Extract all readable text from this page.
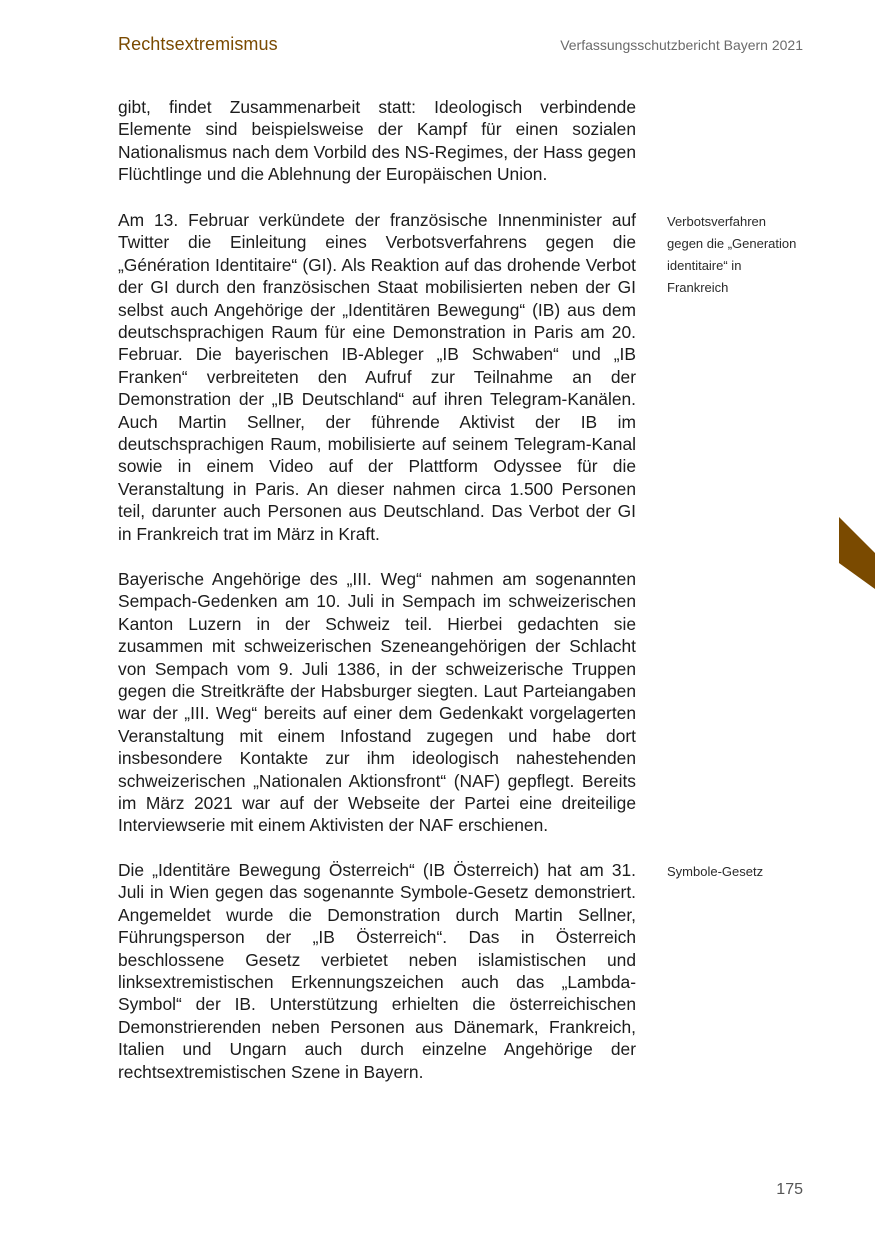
Rechtsextremismus	Verfassungsschutzbericht Bayern 2021

gibt, findet Zusammenarbeit statt: Ideologisch verbindende Elemente sind beispielsweise der Kampf für einen sozialen Nationalismus nach dem Vorbild des NS-Regimes, der Hass gegen Flüchtlinge und die Ablehnung der Europäischen Union.

Am 13. Februar verkündete der französische Innenminister auf Twitter die Einleitung eines Verbotsverfahrens gegen die „Génération Identitaire“ (GI). Als Reaktion auf das drohende Verbot der GI durch den französischen Staat mobilisierten neben der GI selbst auch Angehörige der „Identitären Bewegung“ (IB) aus dem deutschsprachigen Raum für eine Demonstration in Paris am 20. Februar. Die bayerischen IB-Ableger „IB Schwaben“ und „IB Franken“ verbreiteten den Aufruf zur Teilnahme an der Demonstration der „IB Deutschland“ auf ihren Telegram-Kanälen. Auch Martin Sellner, der führende Aktivist der IB im deutschsprachigen Raum, mobilisierte auf seinem Telegram-Kanal sowie in einem Video auf der Plattform Odyssee für die Veranstaltung in Paris. An dieser nahmen circa 1.500 Personen teil, darunter auch Personen aus Deutschland. Das Verbot der GI in Frankreich trat im März in Kraft.

Bayerische Angehörige des „III. Weg“ nahmen am sogenannten Sempach-Gedenken am 10. Juli in Sempach im schweizerischen Kanton Luzern in der Schweiz teil. Hierbei gedachten sie zusammen mit schweizerischen Szeneangehörigen der Schlacht von Sempach vom 9. Juli 1386, in der schweizerische Truppen gegen die Streitkräfte der Habsburger siegten. Laut Parteiangaben war der „III. Weg“ bereits auf einer dem Gedenkakt vorgelagerten Veranstaltung mit einem Infostand zugegen und habe dort insbesondere Kontakte zur ihm ideologisch nahestehenden schweizerischen „Nationalen Aktionsfront“ (NAF) gepflegt. Bereits im März 2021 war auf der Webseite der Partei eine dreiteilige Interviewserie mit einem Aktivisten der NAF erschienen.

Die „Identitäre Bewegung Österreich“ (IB Österreich) hat am 31. Juli in Wien gegen das sogenannte Symbole-Gesetz demonstriert. Angemeldet wurde die Demonstration durch Martin Sellner, Führungsperson der „IB Österreich“. Das in Österreich beschlossene Gesetz verbietet neben islamistischen und linksextremistischen Erkennungszeichen auch das „Lambda-Symbol“ der IB. Unterstützung erhielten die österreichischen Demonstrierenden neben Personen aus Dänemark, Frankreich, Italien und Ungarn auch durch einzelne Angehörige der rechtsextremistischen Szene in Bayern.

Verbotsverfahren gegen die „Generation identitaire“ in Frankreich

Symbole-Gesetz

175
